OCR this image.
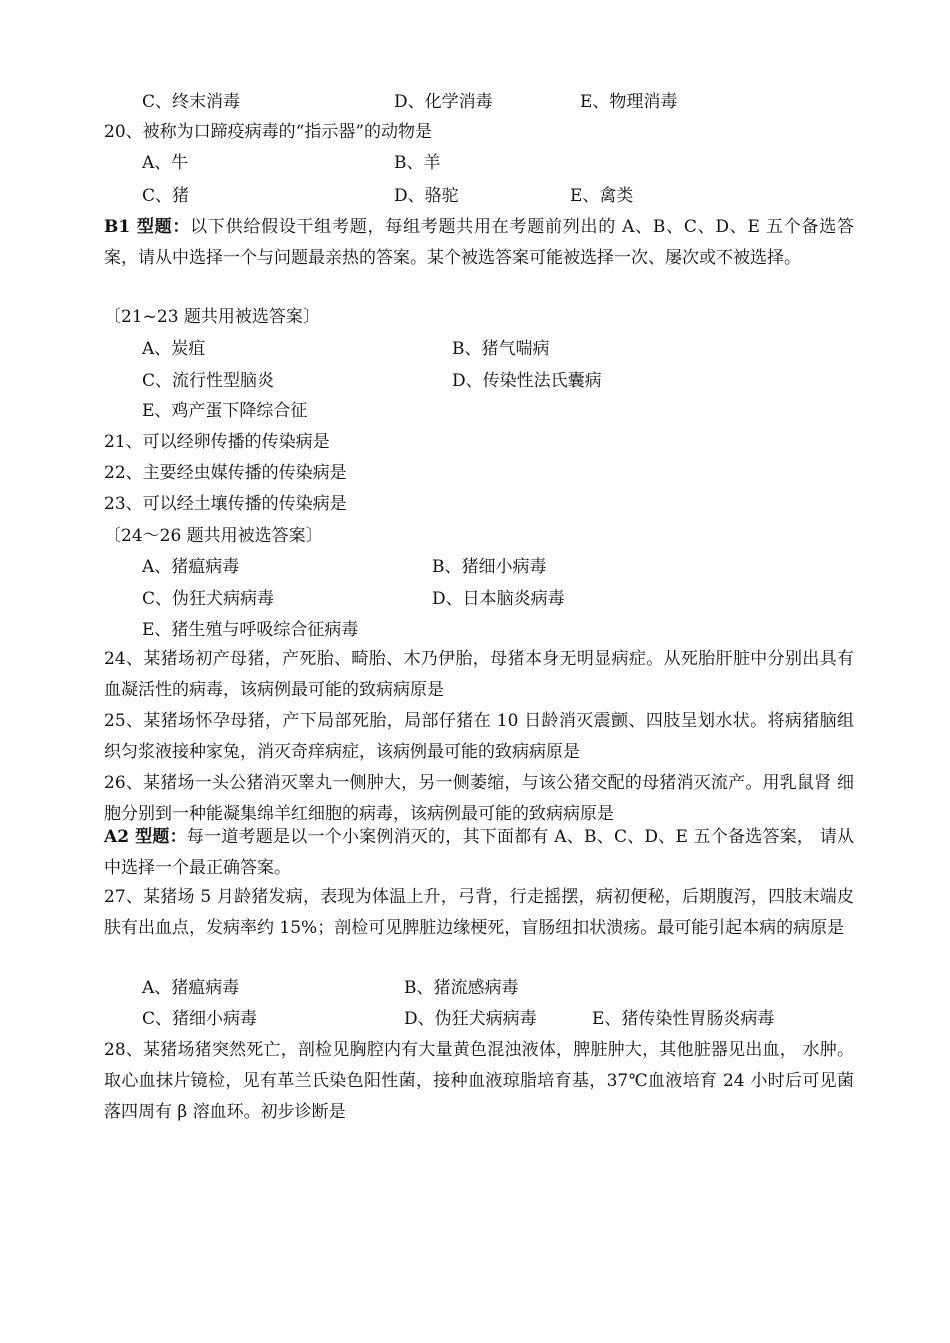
C、终末消毒	D、化学消毒	E、物理消毒
20、被称为口蹄疫病毒的“指示器”的动物是
A、牛	B、羊
C、猪	D、骆驼	E、禽类
B1 型题：以下供给假设干组考题，每组考题共用在考题前列出的 A、B、C、D、E 五个备选答案，请从中选择一个与问题最亲热的答案。某个被选答案可能被选择一次、屡次或不被选择。
〔21~23 题共用被选答案〕
A、炭疽	B、猪气喘病
C、流行性型脑炎	D、传染性法氏囊病
E、鸡产蛋下降综合征
21、可以经卵传播的传染病是
22、主要经虫媒传播的传染病是
23、可以经土壤传播的传染病是
〔24～26 题共用被选答案〕
A、猪瘟病毒	B、猪细小病毒
C、伪狂犬病病毒	D、日本脑炎病毒
E、猪生殖与呼吸综合征病毒
24、某猪场初产母猪，产死胎、畸胎、木乃伊胎，母猪本身无明显病症。从死胎肝脏中分别出具有血凝活性的病毒，该病例最可能的致病病原是
25、某猪场怀孕母猪，产下局部死胎，局部仔猪在 10 日龄消灭震颤、四肢呈划水状。将病猪脑组织匀浆液接种家兔，消灭奇痒病症，该病例最可能的致病病原是
26、某猪场一头公猪消灭睾丸一侧肿大，另一侧萎缩，与该公猪交配的母猪消灭流产。用乳鼠肾 细胞分别到一种能凝集绵羊红细胞的病毒，该病例最可能的致病病原是
A2 型题：每一道考题是以一个小案例消灭的，其下面都有 A、B、C、D、E 五个备选答案， 请从中选择一个最正确答案。
27、某猪场 5 月龄猪发病，表现为体温上升，弓背，行走摇摆，病初便秘，后期腹泻，四肢末端皮肤有出血点，发病率约 15%；剖检可见脾脏边缘梗死，盲肠纽扣状溃疡。最可能引起本病的病原是
A、猪瘟病毒	B、猪流感病毒
C、猪细小病毒	D、伪狂犬病病毒	E、猪传染性胃肠炎病毒
28、某猪场猪突然死亡，剖检见胸腔内有大量黄色混浊液体，脾脏肿大，其他脏器见出血， 水肿。取心血抹片镜检，见有革兰氏染色阳性菌，接种血液琼脂培育基，37℃血液培育 24 小时后可见菌落四周有 β 溶血环。初步诊断是
